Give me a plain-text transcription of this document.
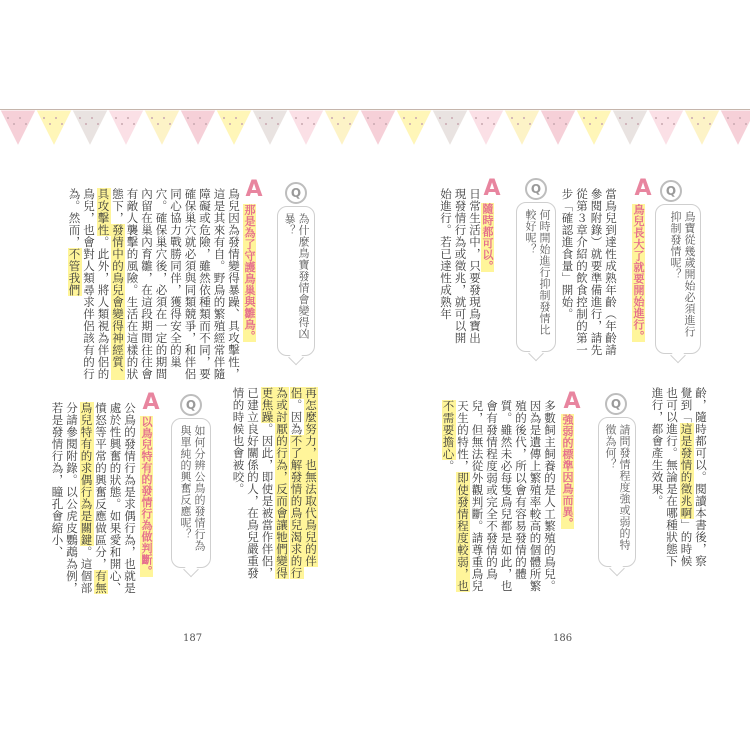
187	186
Q
鳥寶從幾歲開始必須進行抑制發情呢？
A
鳥兒長大了就要開始進行。
當鳥兒到達性成熟年齡（年齡請參閱附錄）就要準備進行，請先從第３章介紹的飲食控制的第一步「確認進食量」開始。
Q
何時開始進行抑制發情比較好呢？
A
隨時都可以。
日常生活中，只要發現鳥寶出現發情行為或徵兆，就可以開始進行。若已達性成熟年
齡，隨時都可以。閱讀本書後，察覺到「這是發情的徵兆啊」的時候也可以進行。無論是在哪種狀態下進行，都會產生效果。
Q
請問發情程度強或弱的特徵為何？
A
強弱的標準因鳥而異。
多數飼主飼養的是人工繁殖的鳥兒。因為是遺傳上繁殖率較高的個體所繁殖的後代，所以會有容易發情的體質。雖然未必每隻鳥兒都是如此，也會有發情程度弱或完全不發情的鳥兒，但無法從外觀判斷。請尊重鳥兒天生的特性，即使發情程度較弱，也不需要擔心。
Q
為什麼鳥寶發情會變得凶暴？
A
那是為了守護鳥巢與雛鳥。
鳥兒因為發情變得暴躁、具攻擊性，這是其來有自。野鳥的繁殖經常伴隨障礙或危險，雖然依種類而不同，要確保巢穴就必須與同類競爭，和伴侶同心協力戰勝同伴，獲得安全的巢穴。確保巢穴後，必須在一定的期間內留在巢內育雛，在這段期間往往會有敵人襲擊的風險。生活在這樣的狀態下，發情中的鳥兒會變得神經質、具攻擊性。此外，將人類視為伴侶的鳥兒，也會對人類尋求伴侶該有的行為。然而，不管我們
再怎麼努力，也無法取代鳥兒的伴侶。因為不了解發情的鳥兒渴求的行為或討厭的行為，反而會讓牠們變得更焦躁。因此，即使是被當作伴侶，已建立良好關係的人，在鳥兒嚴重發情的時候也會被咬。
Q
如何分辨公鳥的發情行為與單純的興奮反應呢？
A
以鳥兒特有的發情行為做判斷。
公鳥的發情行為是求偶行為，也就是處於性興奮的狀態。如果愛和開心、憤怒等平常的興奮反應做區分，有無鳥兒特有的求偶行為是關鍵。這個部分請參閱附錄。以公虎皮鸚鵡為例，若是發情行為，瞳孔會縮小、
